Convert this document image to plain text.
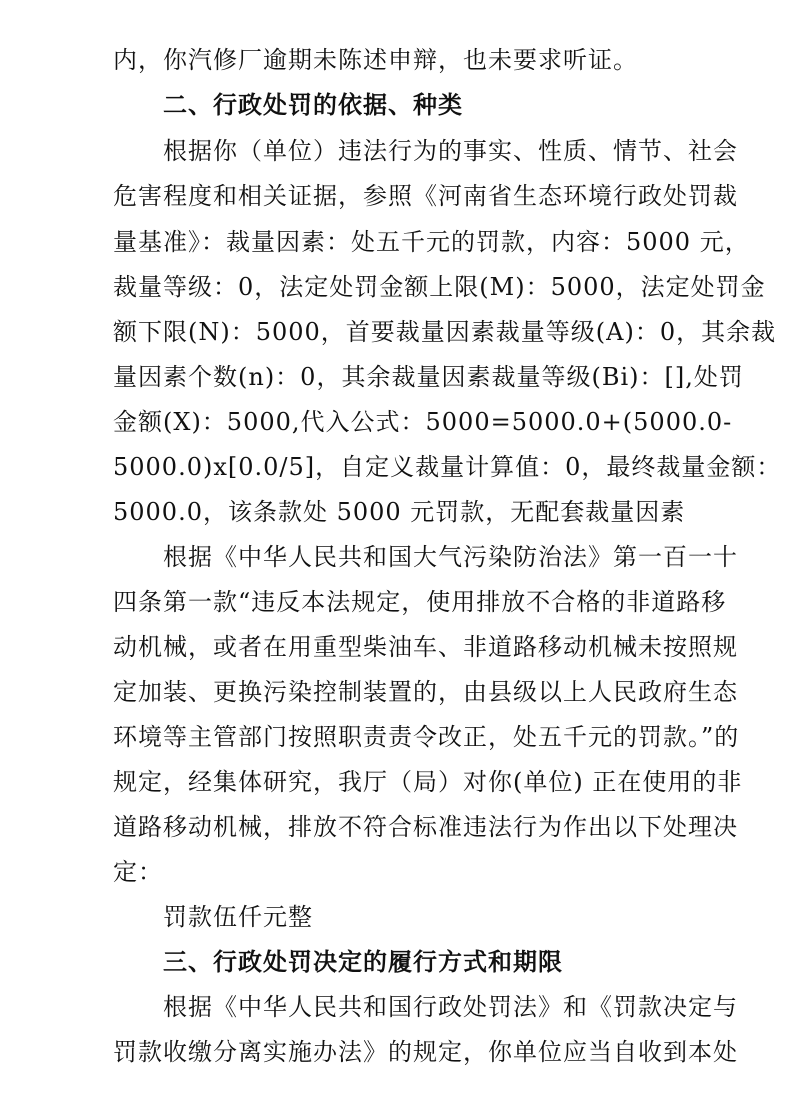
内，你汽修厂逾期未陈述申辩，也未要求听证。
二、行政处罚的依据、种类
根据你（单位）违法行为的事实、性质、情节、社会
危害程度和相关证据，参照《河南省生态环境行政处罚裁
量基准》：裁量因素：处五千元的罚款，内容：5000 元，
裁量等级：0，法定处罚金额上限(M)：5000，法定处罚金
额下限(N)：5000，首要裁量因素裁量等级(A)：0，其余裁
量因素个数(n)：0，其余裁量因素裁量等级(Bi)：[],处罚
金额(X)：5000,代入公式：5000=5000.0+(5000.0-
5000.0)x[0.0/5]，自定义裁量计算值：0，最终裁量金额：
5000.0，该条款处 5000 元罚款，无配套裁量因素
根据《中华人民共和国大气污染防治法》第一百一十
四条第一款“违反本法规定，使用排放不合格的非道路移
动机械，或者在用重型柴油车、非道路移动机械未按照规
定加装、更换污染控制装置的，由县级以上人民政府生态
环境等主管部门按照职责责令改正，处五千元的罚款。”的
规定，经集体研究，我厅（局）对你(单位) 正在使用的非
道路移动机械，排放不符合标准违法行为作出以下处理决
定：
罚款伍仟元整
三、行政处罚决定的履行方式和期限
根据《中华人民共和国行政处罚法》和《罚款决定与
罚款收缴分离实施办法》的规定，你单位应当自收到本处
